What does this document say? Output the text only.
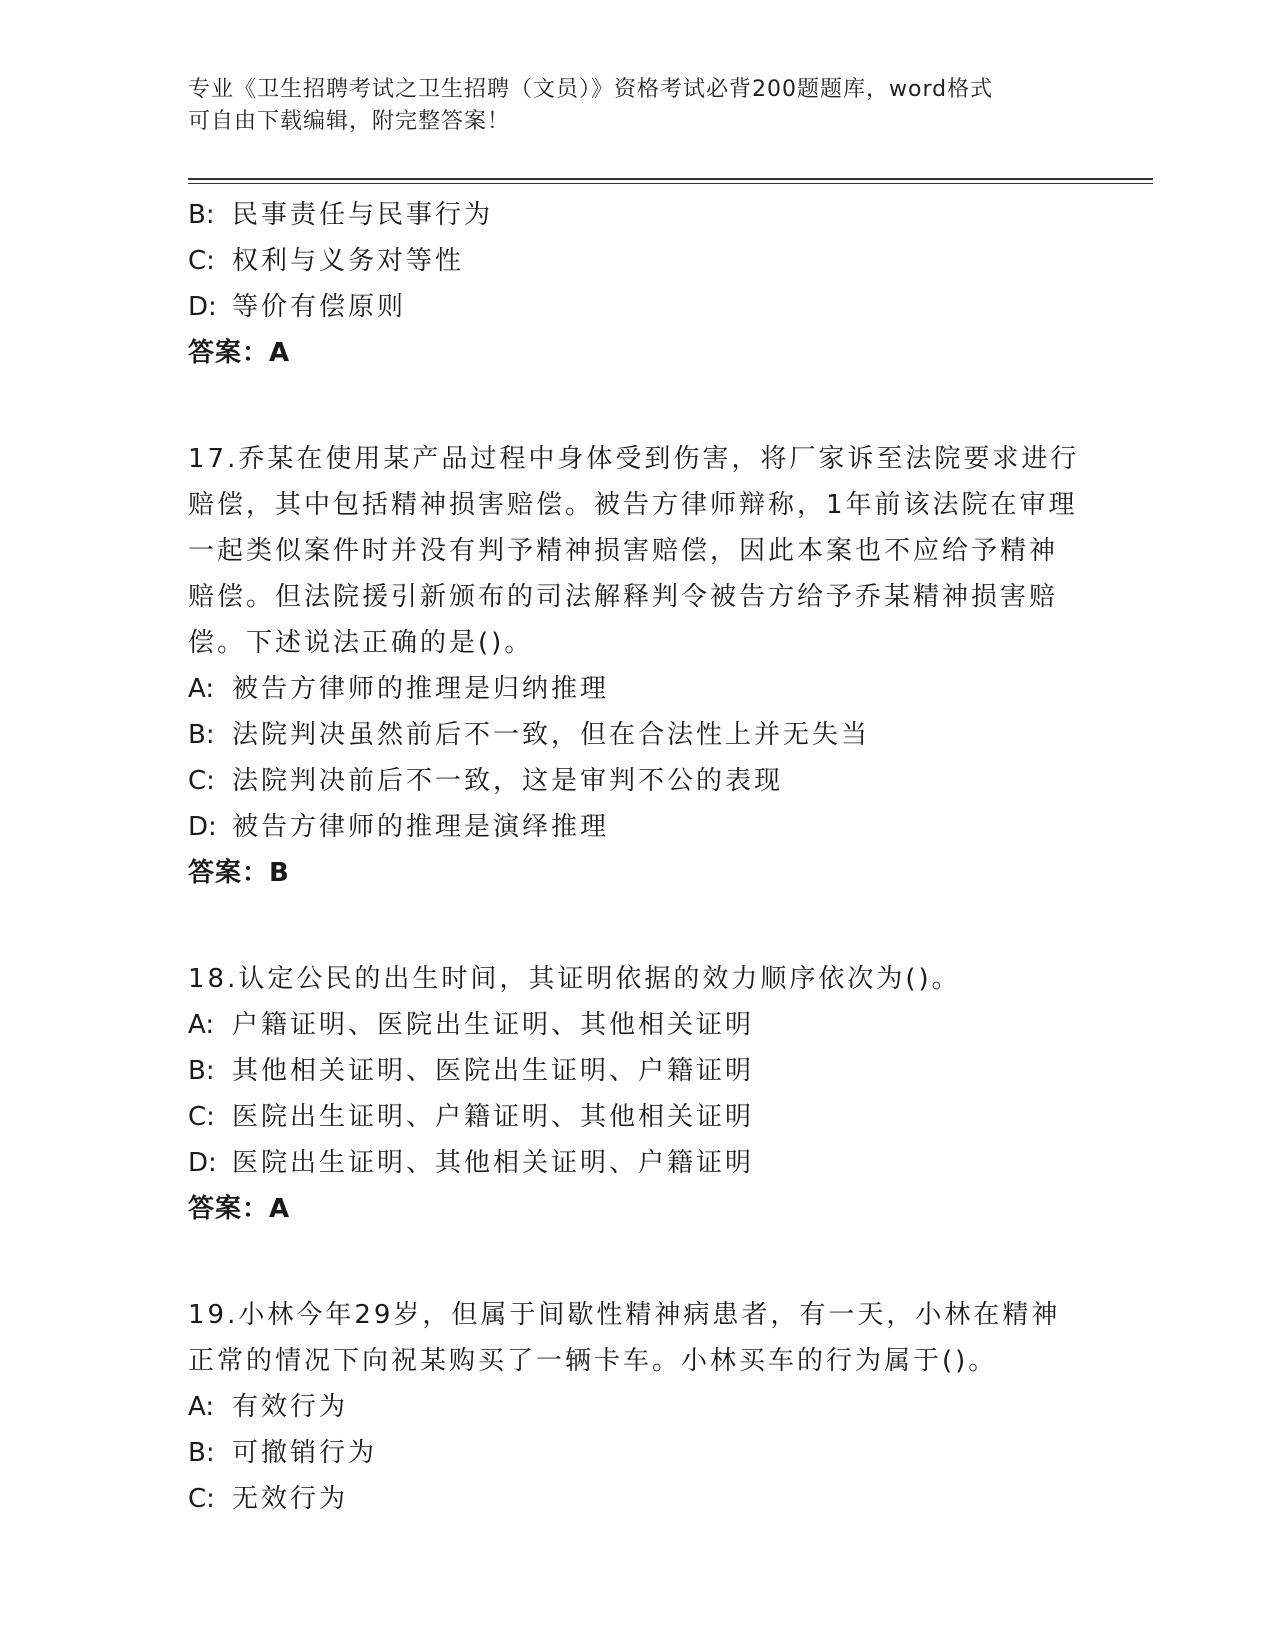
专业《卫生招聘考试之卫生招聘（文员）》资格考试必背200题题库，word格式
可自由下载编辑，附完整答案！
B: 民事责任与民事行为
C: 权利与义务对等性
D: 等价有偿原则
答案：A
17.乔某在使用某产品过程中身体受到伤害，将厂家诉至法院要求进行
赔偿，其中包括精神损害赔偿。被告方律师辩称，1年前该法院在审理
一起类似案件时并没有判予精神损害赔偿，因此本案也不应给予精神
赔偿。但法院援引新颁布的司法解释判令被告方给予乔某精神损害赔
偿。下述说法正确的是()。
A: 被告方律师的推理是归纳推理
B: 法院判决虽然前后不一致，但在合法性上并无失当
C: 法院判决前后不一致，这是审判不公的表现
D: 被告方律师的推理是演绎推理
答案：B
18.认定公民的出生时间，其证明依据的效力顺序依次为()。
A: 户籍证明、医院出生证明、其他相关证明
B: 其他相关证明、医院出生证明、户籍证明
C: 医院出生证明、户籍证明、其他相关证明
D: 医院出生证明、其他相关证明、户籍证明
答案：A
19.小林今年29岁，但属于间歇性精神病患者，有一天，小林在精神
正常的情况下向祝某购买了一辆卡车。小林买车的行为属于()。
A: 有效行为
B: 可撤销行为
C: 无效行为
